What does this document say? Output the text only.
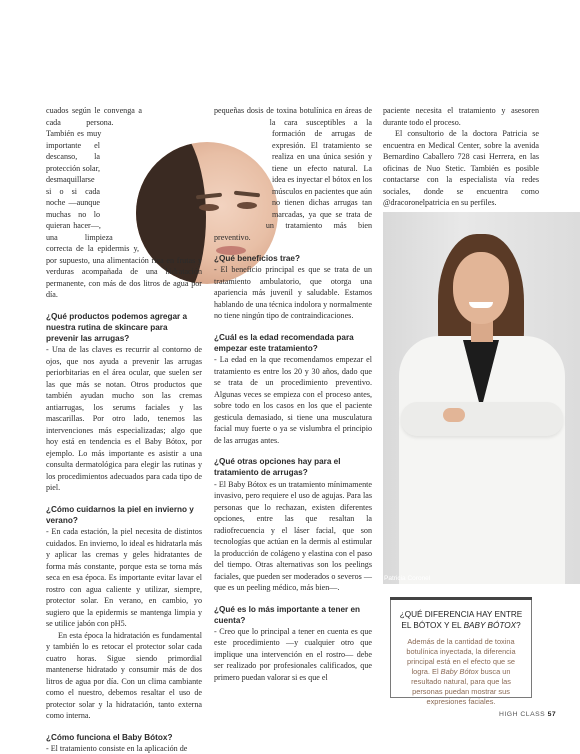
cuados según le convenga a cada persona. También es muy importante el descanso, la protección solar, desmaquillarse si o si cada noche —aunque muchas no lo quieran hacer—, una limpieza correcta de la epidermis y, por supuesto, una alimentación rica en frutas y verduras acompañada de una hidratación permanente, con más de dos litros de agua por día.

¿Qué productos podemos agregar a nuestra rutina de skincare para prevenir las arrugas?

- Una de las claves es recurrir al contorno de ojos, que nos ayuda a prevenir las arrugas periorbitarias en el área ocular, que suelen ser las que más se notan. Otros productos que también ayudan mucho son las cremas antiarrugas, los serums faciales y las mascarillas. Por otro lado, tenemos las intervenciones más especializadas; algo que hoy está en tendencia es el Baby Bótox, por ejemplo. Lo más importante es asistir a una consulta dermatológica para elegir las rutinas y los procedimientos adecuados para cada tipo de piel.

¿Cómo cuidarnos la piel en invierno y verano?

- En cada estación, la piel necesita de distintos cuidados. En invierno, lo ideal es hidratarla más y aplicar las cremas y geles hidratantes de forma más constante, porque esta se torna más seca en esa época. Es importante evitar lavar el rostro con agua caliente y utilizar, siempre, protector solar. En verano, en cambio, yo sugiero que la epidermis se mantenga limpia y se utilice jabón con pH5.

En esta época la hidratación es fundamental y también lo es retocar el protector solar cada cuatro horas. Sigue siendo primordial mantenerse hidratado y consumir más de dos litros de agua por día. Con un clima cambiante como el nuestro, debemos resaltar el uso de protector solar y la hidratación, tanto externa como interna.

¿Cómo funciona el Baby Bótox?

- El tratamiento consiste en la aplicación de

pequeñas dosis de toxina botulínica en áreas de la cara susceptibles a la formación de arrugas de expresión. El tratamiento se realiza en una única sesión y tiene un efecto natural. La idea es inyectar el bótox en los músculos en pacientes que aún no tienen dichas arrugas tan marcadas, ya que se trata de un tratamiento más bien preventivo.

¿Qué beneficios trae?

- El beneficio principal es que se trata de un tratamiento ambulatorio, que otorga una apariencia más juvenil y saludable. Estamos hablando de una técnica indolora y normalmente no tiene ningún tipo de contraindicaciones.

¿Cuál es la edad recomendada para empezar este tratamiento?

- La edad en la que recomendamos empezar el tratamiento es entre los 20 y 30 años, dado que se trata de un procedimiento preventivo. Algunas veces se empieza con el proceso antes, sobre todo en los casos en los que el paciente gesticula demasiado, si tiene una musculatura facial muy fuerte o ya se vislumbra el principio de las arrugas antes.

¿Qué otras opciones hay para el tratamiento de arrugas?

- El Baby Bótox es un tratamiento mínimamente invasivo, pero requiere el uso de agujas. Para las personas que lo rechazan, existen diferentes opciones, entre las que resaltan la radiofrecuencia y el láser facial, que son tecnologías que actúan en la dermis al estimular la producción de colágeno y elastina con el paso del tiempo. Otras alternativas son los peelings faciales, que pueden ser moderados o severos —que es un peeling médico, más bien—.

¿Qué es lo más importante a tener en cuenta?

- Creo que lo principal a tener en cuenta es que este procedimiento —y cualquier otro que implique una intervención en el rostro— debe ser realizado por profesionales calificados, que primero puedan valorar si es que el

paciente necesita el tratamiento y asesoren durante todo el proceso.

El consultorio de la doctora Patricia se encuentra en Medical Center, sobre la avenida Bernardino Caballero 728 casi Herrera, en las oficinas de Nuo Stetic. También es posible contactarse con la especialista vía redes sociales, donde se encuentra como @dracoronelpatricia en su perfiles.

Patricia Coronel

¿QUÉ DIFERENCIA HAY ENTRE EL BÓTOX Y EL BABY BÓTOX?

Además de la cantidad de toxina botulínica inyectada, la diferencia principal está en el efecto que se logra. El Baby Bótox busca un resultado natural, para que las personas puedan mostrar sus expresiones faciales.

HIGH CLASS 57
